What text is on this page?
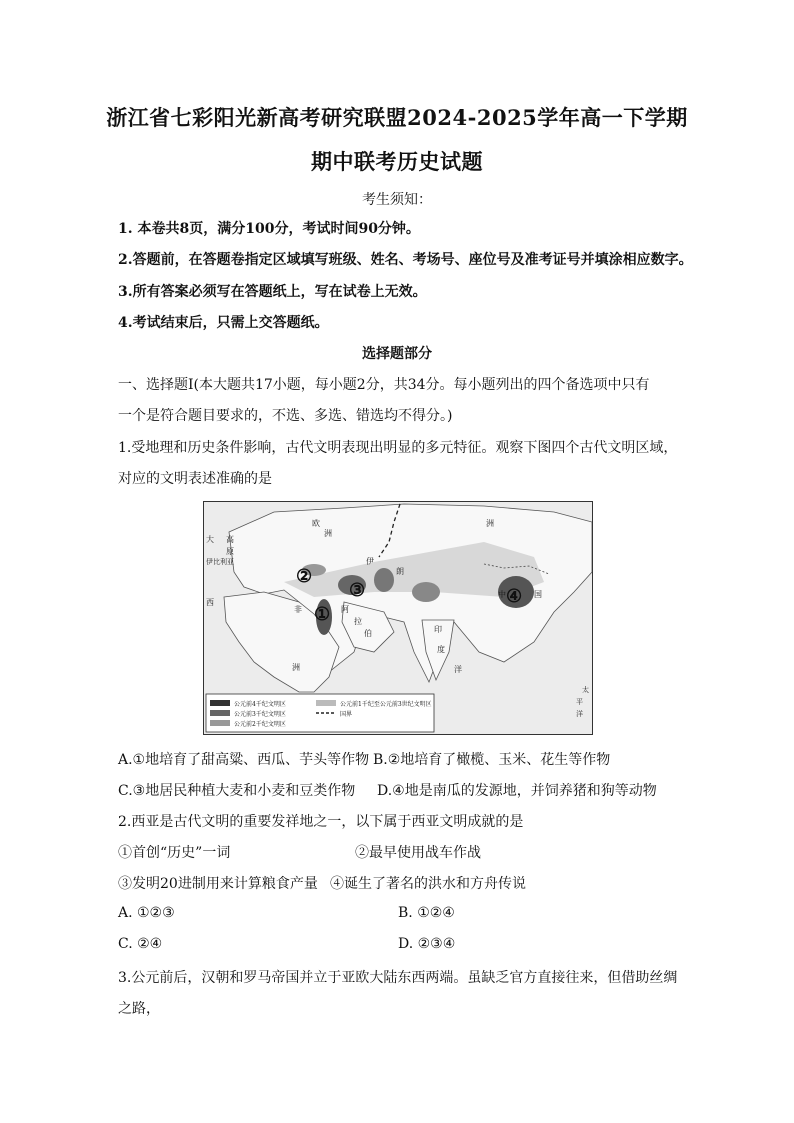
浙江省七彩阳光新高考研究联盟2024-2025学年高一下学期
期中联考历史试题
考生须知：
1. 本卷共8页，满分100分，考试时间90分钟。
2.答题前，在答题卷指定区域填写班级、姓名、考场号、座位号及准考证号并填涂相应数字。
3.所有答案必须写在答题纸上，写在试卷上无效。
4.考试结束后，只需上交答题纸。
选择题部分
一、选择题Ⅰ(本大题共17小题，每小题2分，共34分。每小题列出的四个备选项中只有
一个是符合题目要求的，不选、多选、错选均不得分。)
1.受地理和历史条件影响，古代文明表现出明显的多元特征。观察下图四个古代文明区域，
对应的文明表述准确的是
欧
洲
高
原
大
伊比利亚
西
非
洲
阿
拉
伯
伊
朗
印
度
中	国
洲
洋
太
平
洋
①
②
③	④
公元前4千纪文明区
公元前3千纪文明区
公元前2千纪文明区
公元前1千纪至公元前3世纪文明区
国界
A.①地培育了甜高粱、西瓜、芋头等作物 B.②地培育了橄榄、玉米、花生等作物
C.③地居民种植大麦和小麦和豆类作物 D.④地是南瓜的发源地，并饲养猪和狗等动物
2.西亚是古代文明的重要发祥地之一，以下属于西亚文明成就的是
①首创“历史”一词	②最早使用战车作战
③发明20进制用来计算粮食产量 ④诞生了著名的洪水和方舟传说
A. ①②③	B. ①②④
C. ②④	D. ②③④
3.公元前后，汉朝和罗马帝国并立于亚欧大陆东西两端。虽缺乏官方直接往来，但借助丝绸
之路，
